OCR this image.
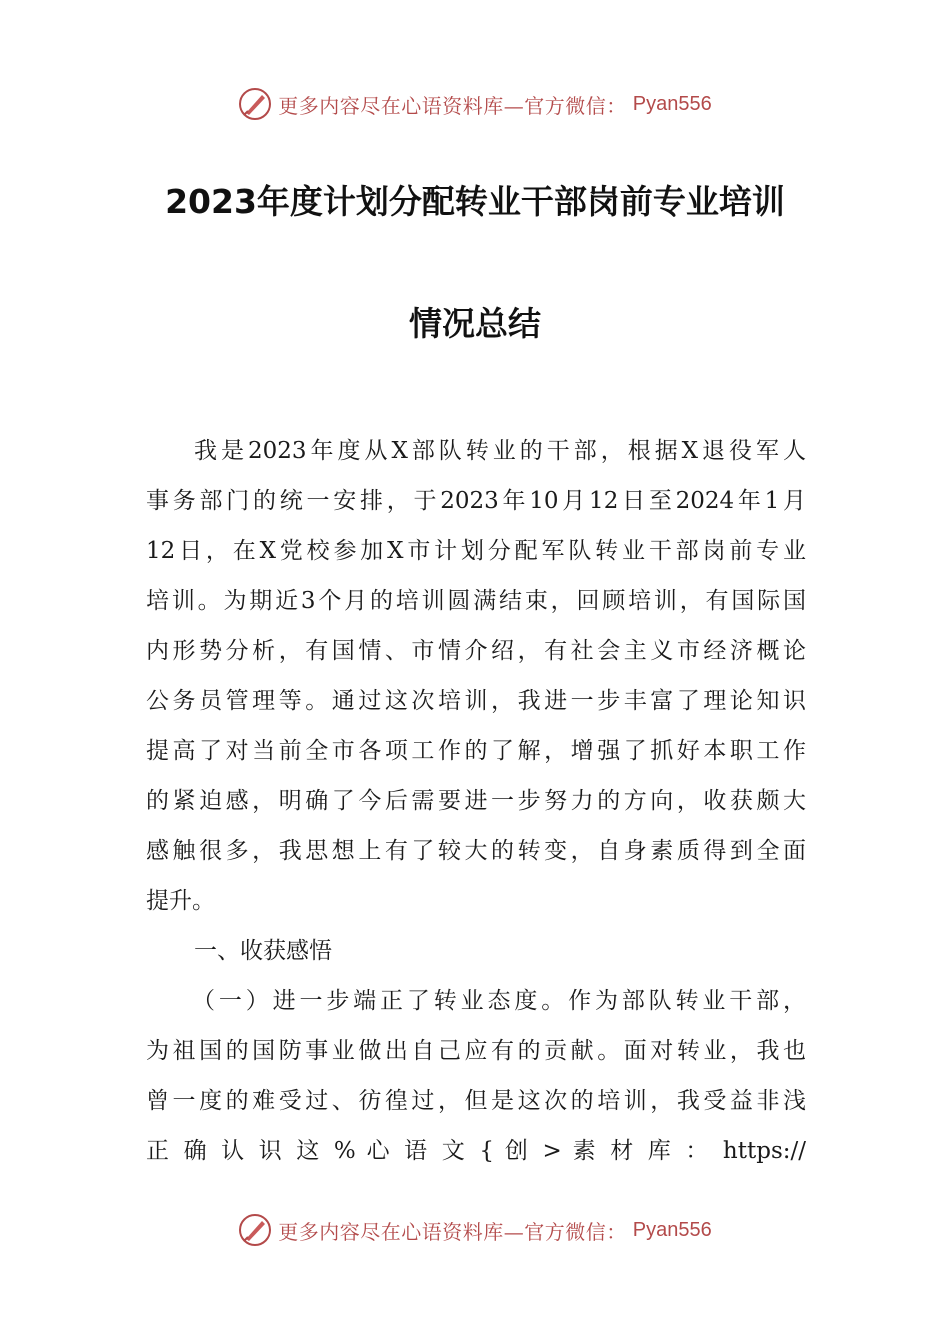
更多内容尽在心语资料库—官方微信： Pyan556
2023年度计划分配转业干部岗前专业培训
情况总结
我是2023年度从X部队转业的干部，根据X退役军人
事务部门的统一安排，于2023年10月12日至2024年1月
12日，在X党校参加X市计划分配军队转业干部岗前专业
培训。为期近3个月的培训圆满结束，回顾培训，有国际国
内形势分析，有国情、市情介绍，有社会主义市经济概论
公务员管理等。通过这次培训，我进一步丰富了理论知识
提高了对当前全市各项工作的了解，增强了抓好本职工作
的紧迫感，明确了今后需要进一步努力的方向，收获颇大
感触很多，我思想上有了较大的转变，自身素质得到全面
提升。
一、收获感悟
（一）进一步端正了转业态度。作为部队转业干部，
为祖国的国防事业做出自己应有的贡献。面对转业，我也
曾一度的难受过、彷徨过，但是这次的培训，我受益非浅
正 确 认 识 这 % 心 语 文 { 创 > 素 材 库 ： https://
更多内容尽在心语资料库—官方微信： Pyan556
